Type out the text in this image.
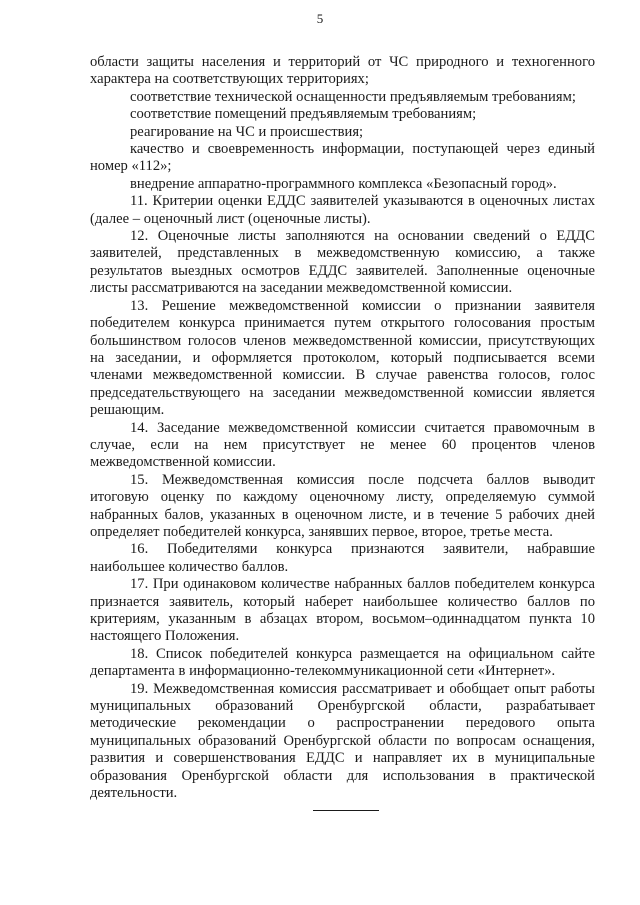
5

области защиты населения и территорий от ЧС природного и техногенного характера на соответствующих территориях;

соответствие технической оснащенности предъявляемым требованиям;

соответствие помещений предъявляемым требованиям;

реагирование на ЧС и происшествия;

качество и своевременность информации, поступающей через единый номер «112»;

внедрение аппаратно-программного комплекса «Безопасный город».

11. Критерии оценки ЕДДС заявителей указываются в оценочных листах (далее – оценочный лист (оценочные листы).

12. Оценочные листы заполняются на основании сведений о ЕДДС заявителей, представленных в межведомственную комиссию, а также результатов выездных осмотров ЕДДС заявителей. Заполненные оценочные листы рассматриваются на заседании межведомственной комиссии.

13. Решение межведомственной комиссии о признании заявителя победителем конкурса принимается путем открытого голосования простым большинством голосов членов межведомственной комиссии, присутствующих на заседании, и оформляется протоколом, который подписывается всеми членами межведомственной комиссии. В случае равенства голосов, голос председательствующего на заседании межведомственной комиссии является решающим.

14. Заседание межведомственной комиссии считается правомочным в случае, если на нем присутствует не менее 60 процентов членов межведомственной комиссии.

15. Межведомственная комиссия после подсчета баллов выводит итоговую оценку по каждому оценочному листу, определяемую суммой набранных балов, указанных в оценочном листе, и в течение 5 рабочих дней определяет победителей конкурса, занявших первое, второе, третье места.

16. Победителями конкурса признаются заявители, набравшие наибольшее количество баллов.

17. При одинаковом количестве набранных баллов победителем конкурса признается заявитель, который наберет наибольшее количество баллов по критериям, указанным в абзацах втором, восьмом–одиннадцатом пункта 10 настоящего Положения.

18. Список победителей конкурса размещается на официальном сайте департамента в информационно-телекоммуникационной сети «Интернет».

19. Межведомственная комиссия рассматривает и обобщает опыт работы муниципальных образований Оренбургской области, разрабатывает методические рекомендации о распространении передового опыта муниципальных образований Оренбургской области по вопросам оснащения, развития и совершенствования ЕДДС и направляет их в муниципальные образования Оренбургской области для использования в практической деятельности.
